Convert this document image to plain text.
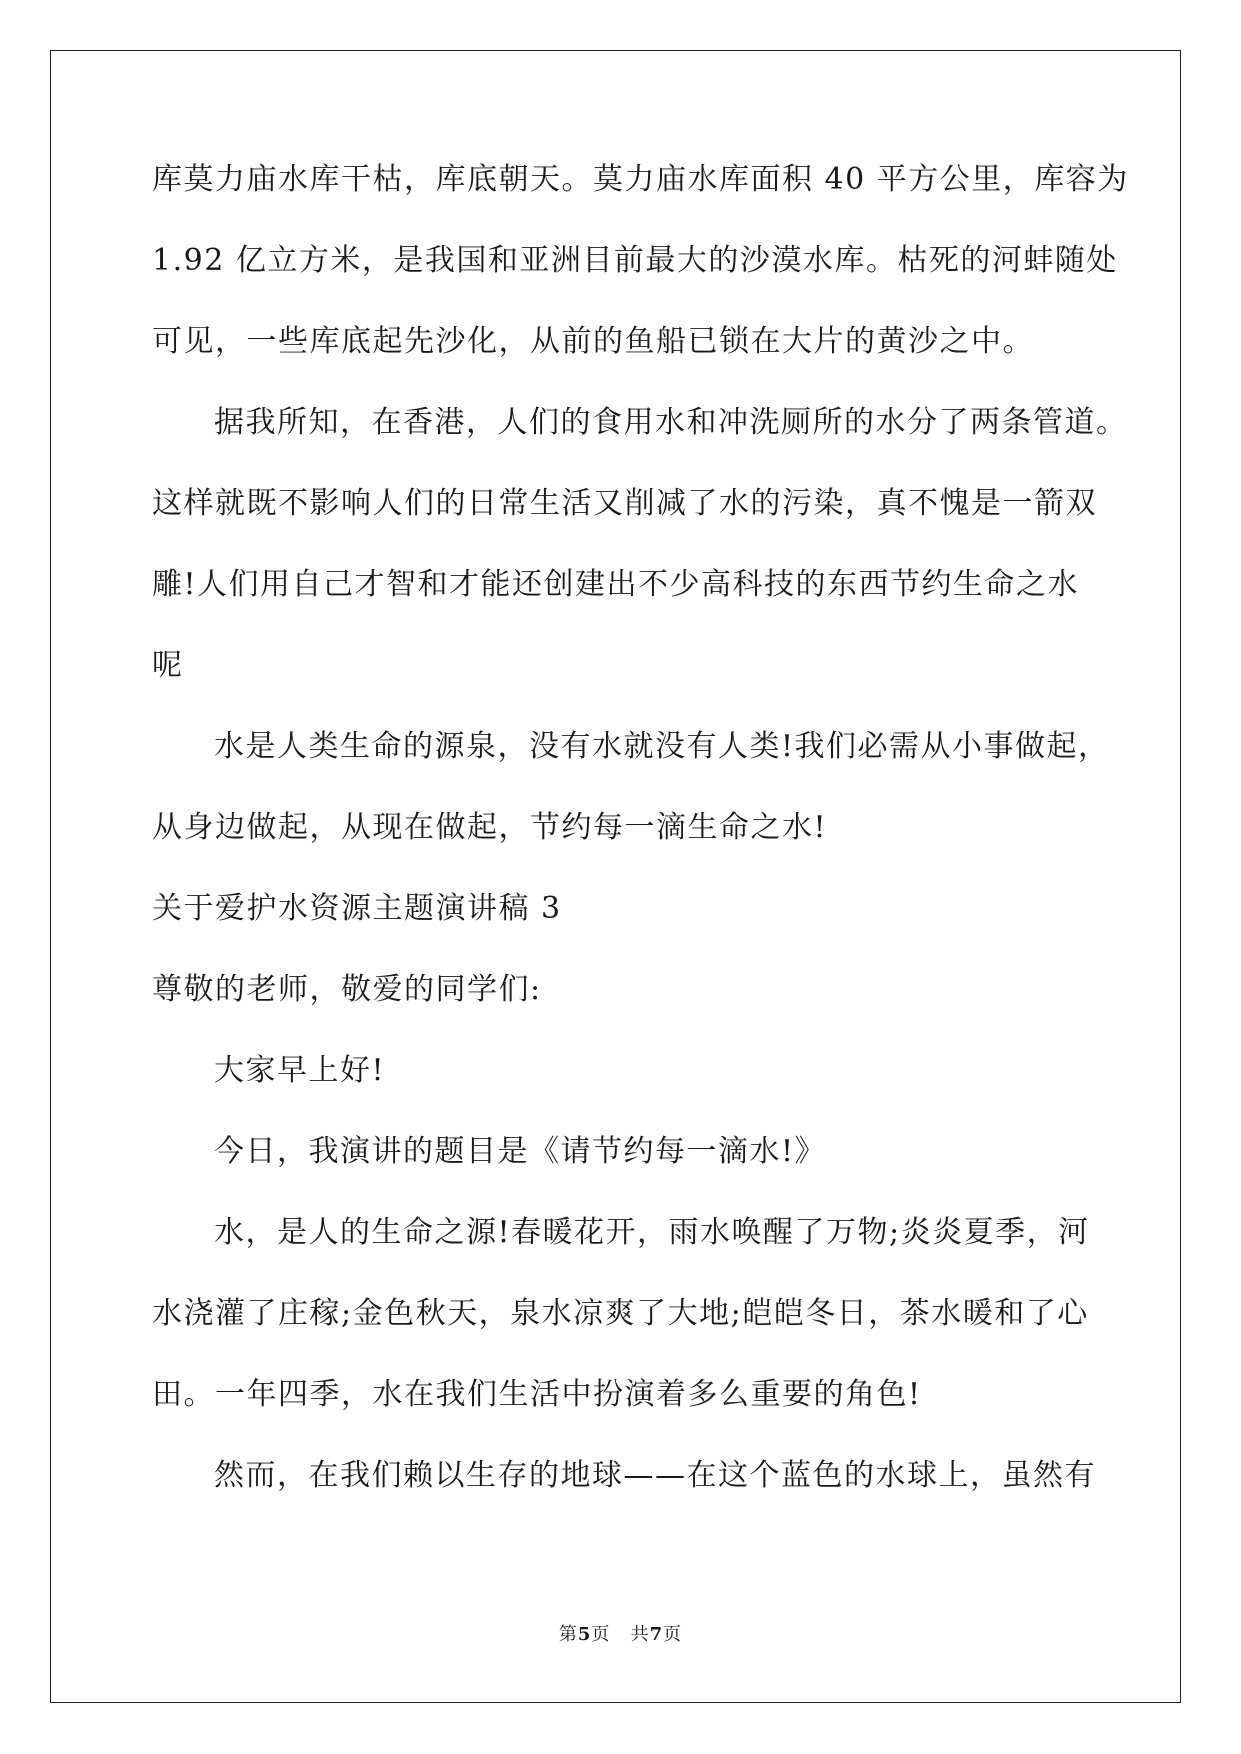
库莫力庙水库干枯，库底朝天。莫力庙水库面积 40 平方公里，库容为
1.92 亿立方米，是我国和亚洲目前最大的沙漠水库。枯死的河蚌随处
可见，一些库底起先沙化，从前的鱼船已锁在大片的黄沙之中。
据我所知，在香港，人们的食用水和冲洗厕所的水分了两条管道。
这样就既不影响人们的日常生活又削减了水的污染，真不愧是一箭双
雕!人们用自己才智和才能还创建出不少高科技的东西节约生命之水
呢
水是人类生命的源泉，没有水就没有人类!我们必需从小事做起，
从身边做起，从现在做起，节约每一滴生命之水!
关于爱护水资源主题演讲稿 3
尊敬的老师，敬爱的同学们:
大家早上好!
今日，我演讲的题目是《请节约每一滴水!》
水，是人的生命之源!春暖花开，雨水唤醒了万物;炎炎夏季，河
水浇灌了庄稼;金色秋天，泉水凉爽了大地;皑皑冬日，茶水暖和了心
田。一年四季，水在我们生活中扮演着多么重要的角色!
然而，在我们赖以生存的地球——在这个蓝色的水球上，虽然有
第5页 共7页
